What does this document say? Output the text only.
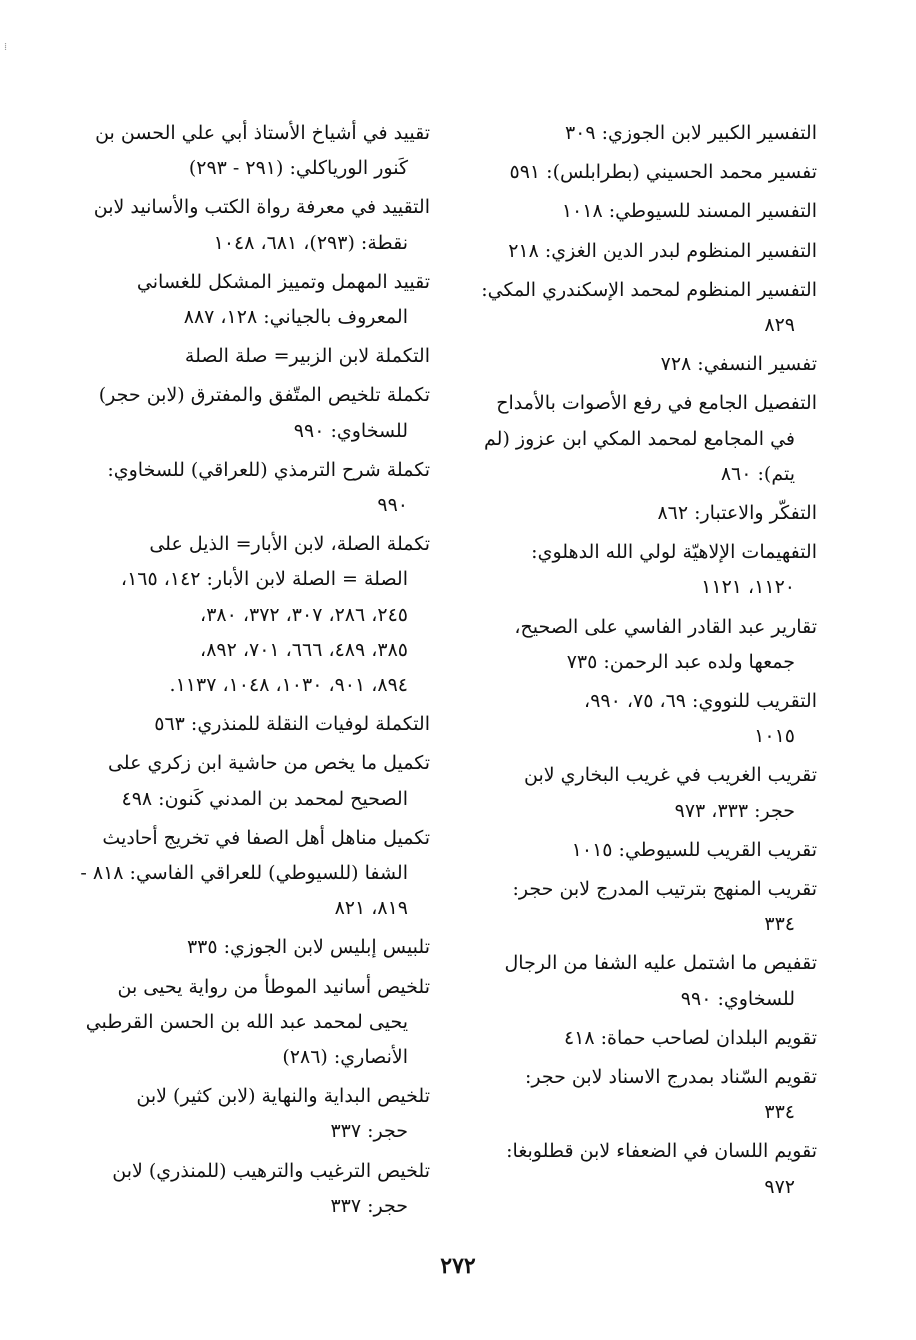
التفسير الكبير لابن الجوزي: ٣٠٩
تفسير محمد الحسيني (بطرابلس): ٥٩١
التفسير المسند للسيوطي: ١٠١٨
التفسير المنظوم لبدر الدين الغزي: ٢١٨
التفسير المنظوم لمحمد الإسكندري المكي:
٨٢٩
تفسير النسفي: ٧٢٨
التفصيل الجامع في رفع الأصوات بالأمداح
في المجامع لمحمد المكي ابن عزوز (لم
يتم): ٨٦٠
التفكّر والاعتبار: ٨٦٢
التفهيمات الإلاهيّة لولي الله الدهلوي:
١١٢٠، ١١٢١
تقارير عبد القادر الفاسي على الصحيح،
جمعها ولده عبد الرحمن: ٧٣٥
التقريب للنووي: ٦٩، ٧٥، ٩٩٠،
١٠١٥
تقريب الغريب في غريب البخاري لابن
حجر: ٣٣٣، ٩٧٣
تقريب القريب للسيوطي: ١٠١٥
تقريب المنهج بترتيب المدرج لابن حجر:
٣٣٤
تقفيص ما اشتمل عليه الشفا من الرجال
للسخاوي: ٩٩٠
تقويم البلدان لصاحب حماة: ٤١٨
تقويم السّناد بمدرج الاسناد لابن حجر:
٣٣٤
تقويم اللسان في الضعفاء لابن قطلوبغا:
٩٧٢
تقييد في أشياخ الأستاذ أبي علي الحسن بن
كَنور الورياكلي: (٢٩١ - ٢٩٣)
التقييد في معرفة رواة الكتب والأسانيد لابن
نقطة: (٢٩٣)، ٦٨١، ١٠٤٨
تقييد المهمل وتمييز المشكل للغساني
المعروف بالجياني: ١٢٨، ٨٨٧
التكملة لابن الزبير= صلة الصلة
تكملة تلخيص المتّفق والمفترق (لابن حجر)
للسخاوي: ٩٩٠
تكملة شرح الترمذي (للعراقي) للسخاوي:
٩٩٠
تكملة الصلة، لابن الأبار= الذيل على
الصلة = الصلة لابن الأبار: ١٤٢، ١٦٥،
٢٤٥، ٢٨٦، ٣٠٧، ٣٧٢، ٣٨٠،
٣٨٥، ٤٨٩، ٦٦٦، ٧٠١، ٨٩٢،
٨٩٤، ٩٠١، ١٠٣٠، ١٠٤٨، ١١٣٧.
التكملة لوفيات النقلة للمنذري: ٥٦٣
تكميل ما يخص من حاشية ابن زكري على
الصحيح لمحمد بن المدني كَنون: ٤٩٨
تكميل مناهل أهل الصفا في تخريج أحاديث
الشفا (للسيوطي) للعراقي الفاسي: ٨١٨ -
٨١٩، ٨٢١
تلبيس إبليس لابن الجوزي: ٣٣٥
تلخيص أسانيد الموطأ من رواية يحيى بن
يحيى لمحمد عبد الله بن الحسن القرطبي
الأنصاري: (٢٨٦)
تلخيص البداية والنهاية (لابن كثير) لابن
حجر: ٣٣٧
تلخيص الترغيب والترهيب (للمنذري) لابن
حجر: ٣٣٧
٢٧٢
⁞
